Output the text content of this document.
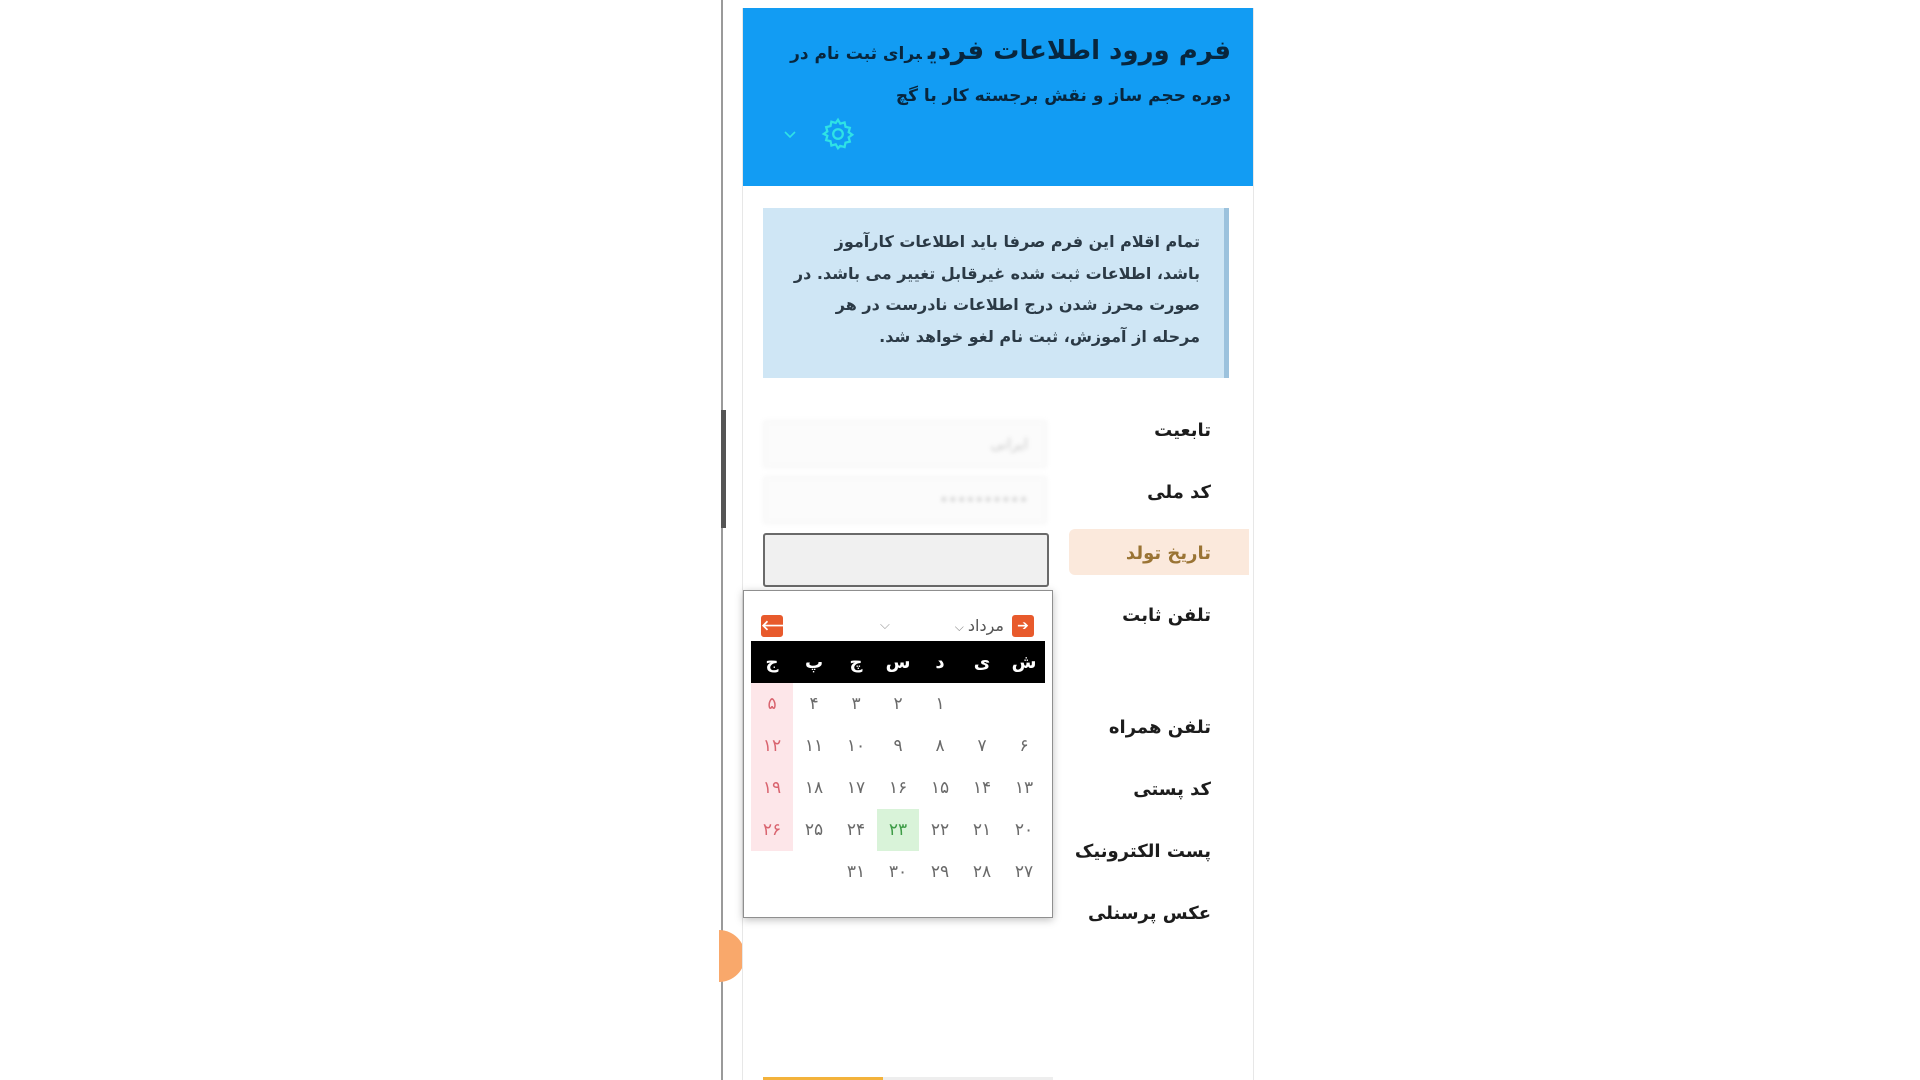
فرم ورود اطلاعات فردیبرای ثبت نام در
دوره حجم ساز و نقش برجسته کار با گچ
تمام اقلام این فرم صرفا باید اطلاعات کارآموز باشد، اطلاعات ثبت شده غیرقابل تغییر می باشد. در صورت محرز شدن درج اطلاعات نادرست در هر مرحله از آموزش، ثبت نام لغو خواهد شد.
تابعیت
ایرانی
کد ملی
••••••••••
تاریخ تولد
تلفن ثابت
تلفن همراه
کد پستی
پست الکترونیک
عکس پرسنلی
➔
مرداد⌵
⌵
🡐
ش
ی
د
س
چ
پ
ج
۱
۲
۳
۴
۵
۶
۷
۸
۹
۱۰
۱۱
۱۲
۱۳
۱۴
۱۵
۱۶
۱۷
۱۸
۱۹
۲۰
۲۱
۲۲
۲۳
۲۴
۲۵
۲۶
۲۷
۲۸
۲۹
۳۰
۳۱
